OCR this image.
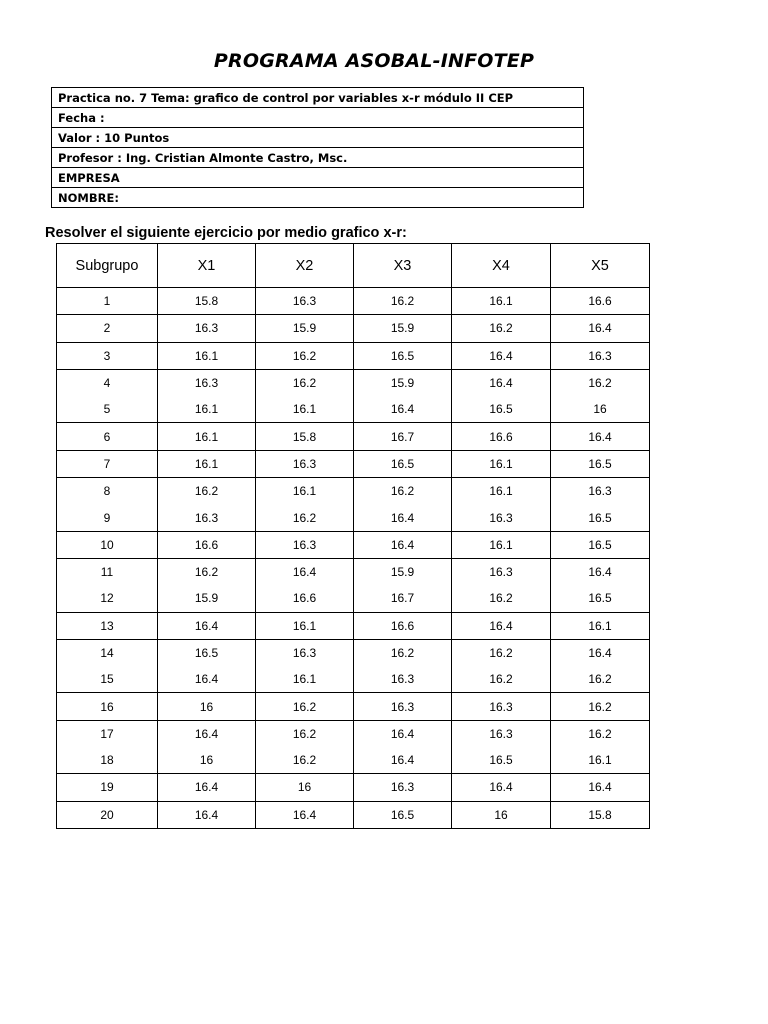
PROGRAMA ASOBAL-INFOTEP
Practica no. 7 Tema: grafico de control por variables x-r módulo II CEP
Fecha :
Valor : 10 Puntos
Profesor : Ing. Cristian Almonte Castro, Msc.
EMPRESA
NOMBRE:
Resolver el siguiente ejercicio por medio grafico x-r:
Subgrupo	X1	X2	X3	X4	X5
1	15.8	16.3	16.2	16.1	16.6
2	16.3	15.9	15.9	16.2	16.4
3	16.1	16.2	16.5	16.4	16.3
4	16.3	16.2	15.9	16.4	16.2
5	16.1	16.1	16.4	16.5	16
6	16.1	15.8	16.7	16.6	16.4
7	16.1	16.3	16.5	16.1	16.5
8	16.2	16.1	16.2	16.1	16.3
9	16.3	16.2	16.4	16.3	16.5
10	16.6	16.3	16.4	16.1	16.5
11	16.2	16.4	15.9	16.3	16.4
12	15.9	16.6	16.7	16.2	16.5
13	16.4	16.1	16.6	16.4	16.1
14	16.5	16.3	16.2	16.2	16.4
15	16.4	16.1	16.3	16.2	16.2
16	16	16.2	16.3	16.3	16.2
17	16.4	16.2	16.4	16.3	16.2
18	16	16.2	16.4	16.5	16.1
19	16.4	16	16.3	16.4	16.4
20	16.4	16.4	16.5	16	15.8
